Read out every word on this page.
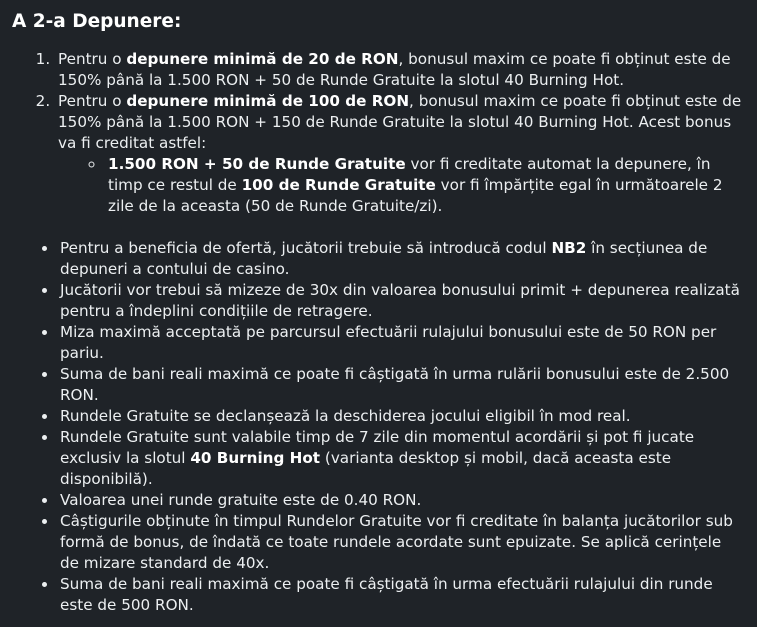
A 2-a Depunere:
1. Pentru o depunere minimă de 20 de RON, bonusul maxim ce poate fi obținut este de 150% până la 1.500 RON + 50 de Runde Gratuite la slotul 40 Burning Hot.
2. Pentru o depunere minimă de 100 de RON, bonusul maxim ce poate fi obținut este de 150% până la 1.500 RON + 150 de Runde Gratuite la slotul 40 Burning Hot. Acest bonus va fi creditat astfel:
◦ 1.500 RON + 50 de Runde Gratuite vor fi creditate automat la depunere, în timp ce restul de 100 de Runde Gratuite vor fi împărțite egal în următoarele 2 zile de la aceasta (50 de Runde Gratuite/zi).
• Pentru a beneficia de ofertă, jucătorii trebuie să introducă codul NB2 în secțiunea de depuneri a contului de casino.
• Jucătorii vor trebui să mizeze de 30x din valoarea bonusului primit + depunerea realizată pentru a îndeplini condițiile de retragere.
• Miza maximă acceptată pe parcursul efectuării rulajului bonusului este de 50 RON per pariu.
• Suma de bani reali maximă ce poate fi câștigată în urma rulării bonusului este de 2.500 RON.
• Rundele Gratuite se declanșează la deschiderea jocului eligibil în mod real.
• Rundele Gratuite sunt valabile timp de 7 zile din momentul acordării și pot fi jucate exclusiv la slotul 40 Burning Hot (varianta desktop și mobil, dacă aceasta este disponibilă).
• Valoarea unei runde gratuite este de 0.40 RON.
• Câștigurile obținute în timpul Rundelor Gratuite vor fi creditate în balanța jucătorilor sub formă de bonus, de îndată ce toate rundele acordate sunt epuizate. Se aplică cerințele de mizare standard de 40x.
• Suma de bani reali maximă ce poate fi câștigată în urma efectuării rulajului din runde este de 500 RON.
